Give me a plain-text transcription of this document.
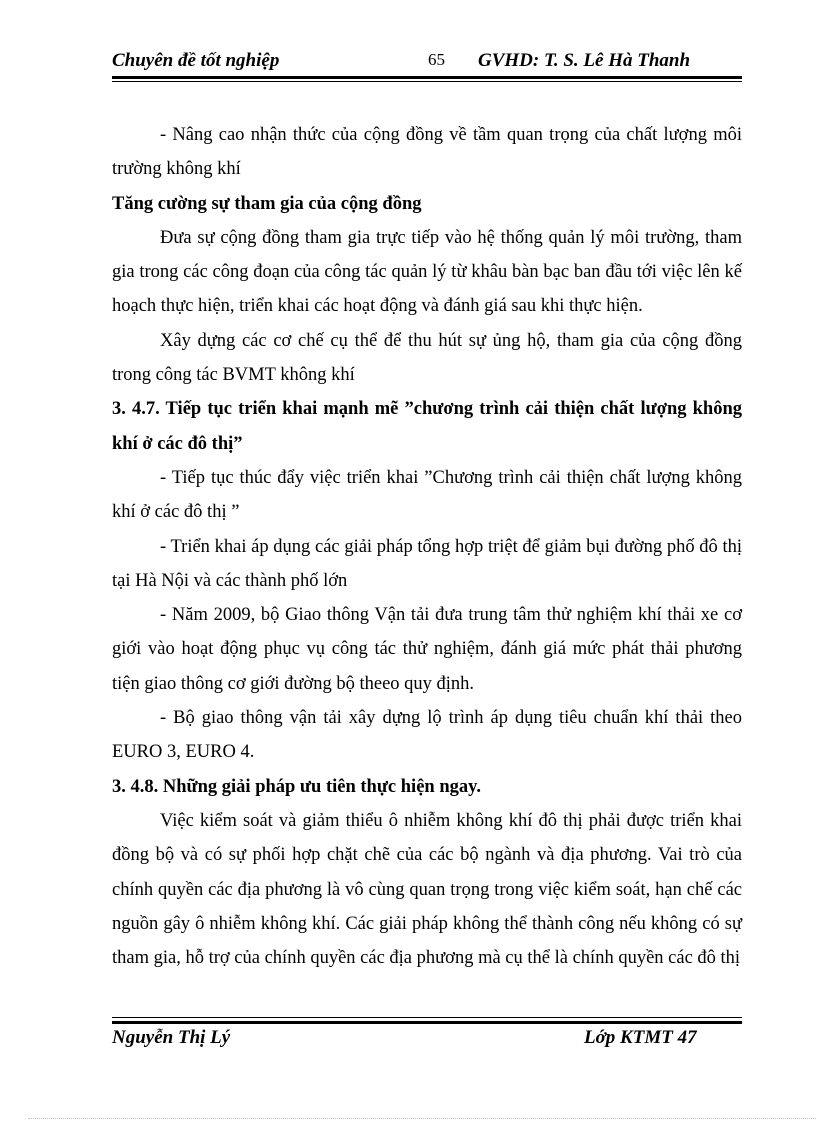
Chuyên đề tốt nghiệp	65 GVHD: T. S. Lê Hà Thanh

- Nâng cao nhận thức của cộng đồng về tầm quan trọng của chất lượng môi trường không khí

Tăng cường sự tham gia của cộng đồng

Đưa sự cộng đồng tham gia trực tiếp vào hệ thống quản lý môi trường, tham gia trong các công đoạn của công tác quản lý từ khâu bàn bạc ban đầu tới việc lên kế hoạch thực hiện, triển khai các hoạt động và đánh giá sau khi thực hiện.

Xây dựng các cơ chế cụ thể để thu hút sự ủng hộ, tham gia của cộng đồng trong công tác BVMT không khí

3. 4.7. Tiếp tục triển khai mạnh mẽ ”chương trình cải thiện chất lượng không khí ở các đô thị”

- Tiếp tục thúc đẩy việc triển khai ”Chương trình cải thiện chất lượng không khí ở các đô thị ”

- Triển khai áp dụng các giải pháp tổng hợp triệt để giảm bụi đường phố đô thị tại Hà Nội và các thành phố lớn

- Năm 2009, bộ Giao thông Vận tải đưa trung tâm thử nghiệm khí thải xe cơ giới vào hoạt động phục vụ công tác thử nghiệm, đánh giá mức phát thải phương tiện giao thông cơ giới đường bộ theeo quy định.

- Bộ giao thông vận tải xây dựng lộ trình áp dụng tiêu chuẩn khí thải theo EURO 3, EURO 4.

3. 4.8. Những giải pháp ưu tiên thực hiện ngay.

Việc kiểm soát và giảm thiểu ô nhiễm không khí đô thị phải được triển khai đồng bộ và có sự phối hợp chặt chẽ của các bộ ngành và địa phương. Vai trò của chính quyền các địa phương là vô cùng quan trọng trong việc kiểm soát, hạn chế các nguồn gây ô nhiễm không khí. Các giải pháp không thể thành công nếu không có sự tham gia, hỗ trợ của chính quyền các địa phương mà cụ thể là chính quyền các đô thị

Nguyễn Thị Lý	Lớp KTMT 47
